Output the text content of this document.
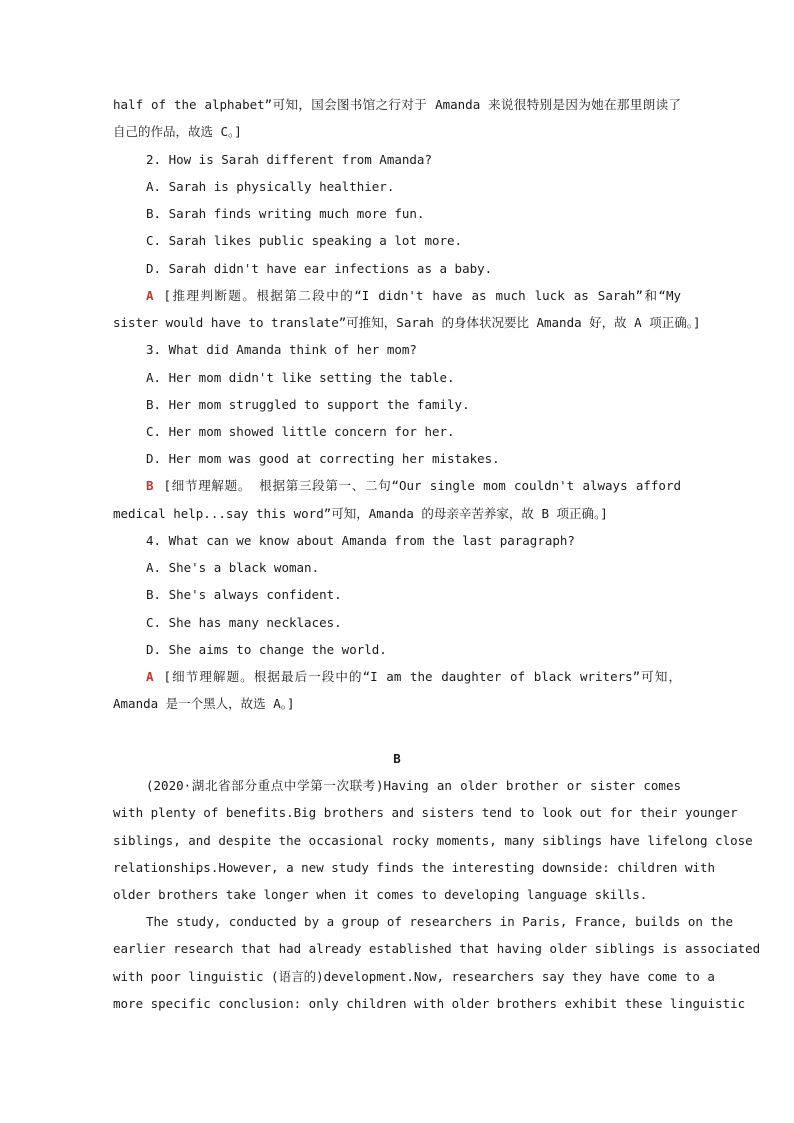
half of the alphabet”可知，国会图书馆之行对于 Amanda 来说很特别是因为她在那里朗读了
自己的作品，故选 C。]
2. How is Sarah different from Amanda?
A. Sarah is physically healthier.
B. Sarah finds writing much more fun.
C. Sarah likes public speaking a lot more.
D. Sarah didn't have ear infections as a baby.
A [推理判断题。根据第二段中的“I didn't have as much luck as Sarah”和“My
sister would have to translate”可推知，Sarah 的身体状况要比 Amanda 好，故 A 项正确。]
3. What did Amanda think of her mom?
A. Her mom didn't like setting the table.
B. Her mom struggled to support the family.
C. Her mom showed little concern for her.
D. Her mom was good at correcting her mistakes.
B [细节理解题。 根据第三段第一、二句“Our single mom couldn't always afford
medical help...say this word”可知，Amanda 的母亲辛苦养家，故 B 项正确。]
4. What can we know about Amanda from the last paragraph?
A. She's a black woman.
B. She's always confident.
C. She has many necklaces.
D. She aims to change the world.
A [细节理解题。根据最后一段中的“I am the daughter of black writers”可知，
Amanda 是一个黑人，故选 A。]
B
(2020·湖北省部分重点中学第一次联考)Having an older brother or sister comes
with plenty of benefits.Big brothers and sisters tend to look out for their younger
siblings, and despite the occasional rocky moments, many siblings have lifelong close
relationships.However, a new study finds the interesting downside: children with
older brothers take longer when it comes to developing language skills.
The study, conducted by a group of researchers in Paris, France, builds on the
earlier research that had already established that having older siblings is associated
with poor linguistic (语言的)development.Now, researchers say they have come to a
more specific conclusion: only children with older brothers exhibit these linguistic
